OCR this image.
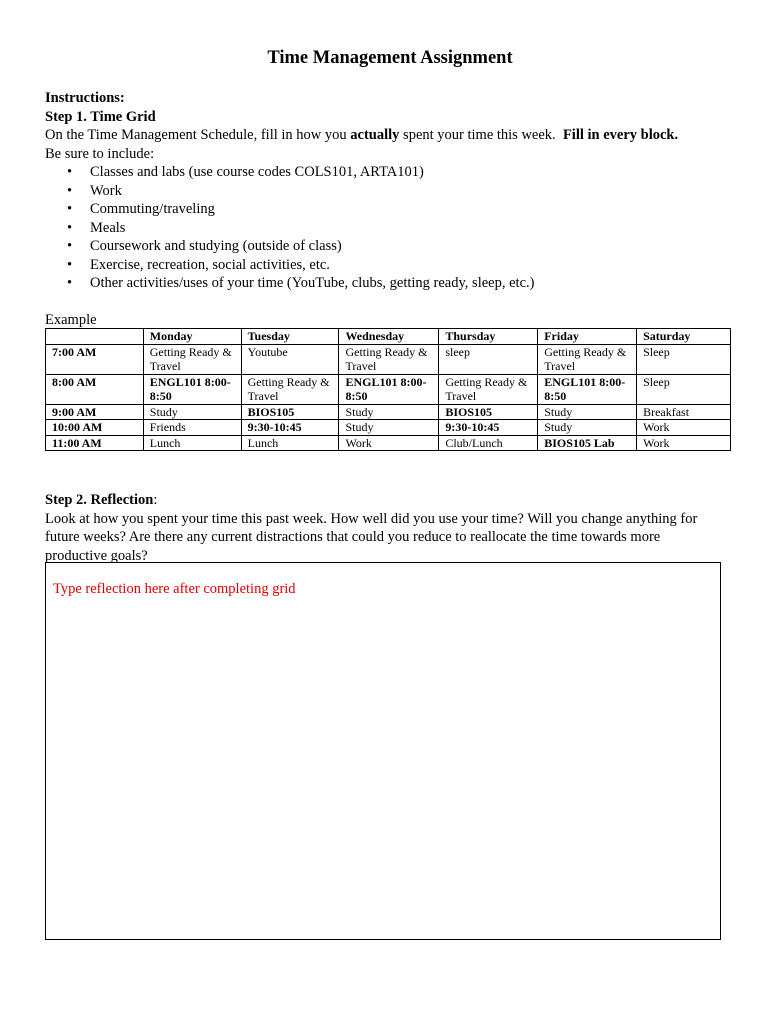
Time Management Assignment
Instructions:
Step 1. Time Grid
On the Time Management Schedule, fill in how you actually spent your time this week.  Fill in every block.
Be sure to include:
• Classes and labs (use course codes COLS101, ARTA101)
• Work
• Commuting/traveling
• Meals
• Coursework and studying (outside of class)
• Exercise, recreation, social activities, etc.
• Other activities/uses of your time (YouTube, clubs, getting ready, sleep, etc.)
Example
	Monday	Tuesday	Wednesday	Thursday	Friday	Saturday
7:00 AM	Getting Ready & Travel	Youtube	Getting Ready & Travel	sleep	Getting Ready & Travel	Sleep
8:00 AM	ENGL101 8:00-8:50	Getting Ready & Travel	ENGL101 8:00-8:50	Getting Ready & Travel	ENGL101 8:00-8:50	Sleep
9:00 AM	Study	BIOS105	Study	BIOS105	Study	Breakfast
10:00 AM	Friends	9:30-10:45	Study	9:30-10:45	Study	Work
11:00 AM	Lunch	Lunch	Work	Club/Lunch	BIOS105 Lab	Work
Step 2. Reflection:
Look at how you spent your time this past week. How well did you use your time? Will you change anything for future weeks? Are there any current distractions that could you reduce to reallocate the time towards more productive goals?
Type reflection here after completing grid
